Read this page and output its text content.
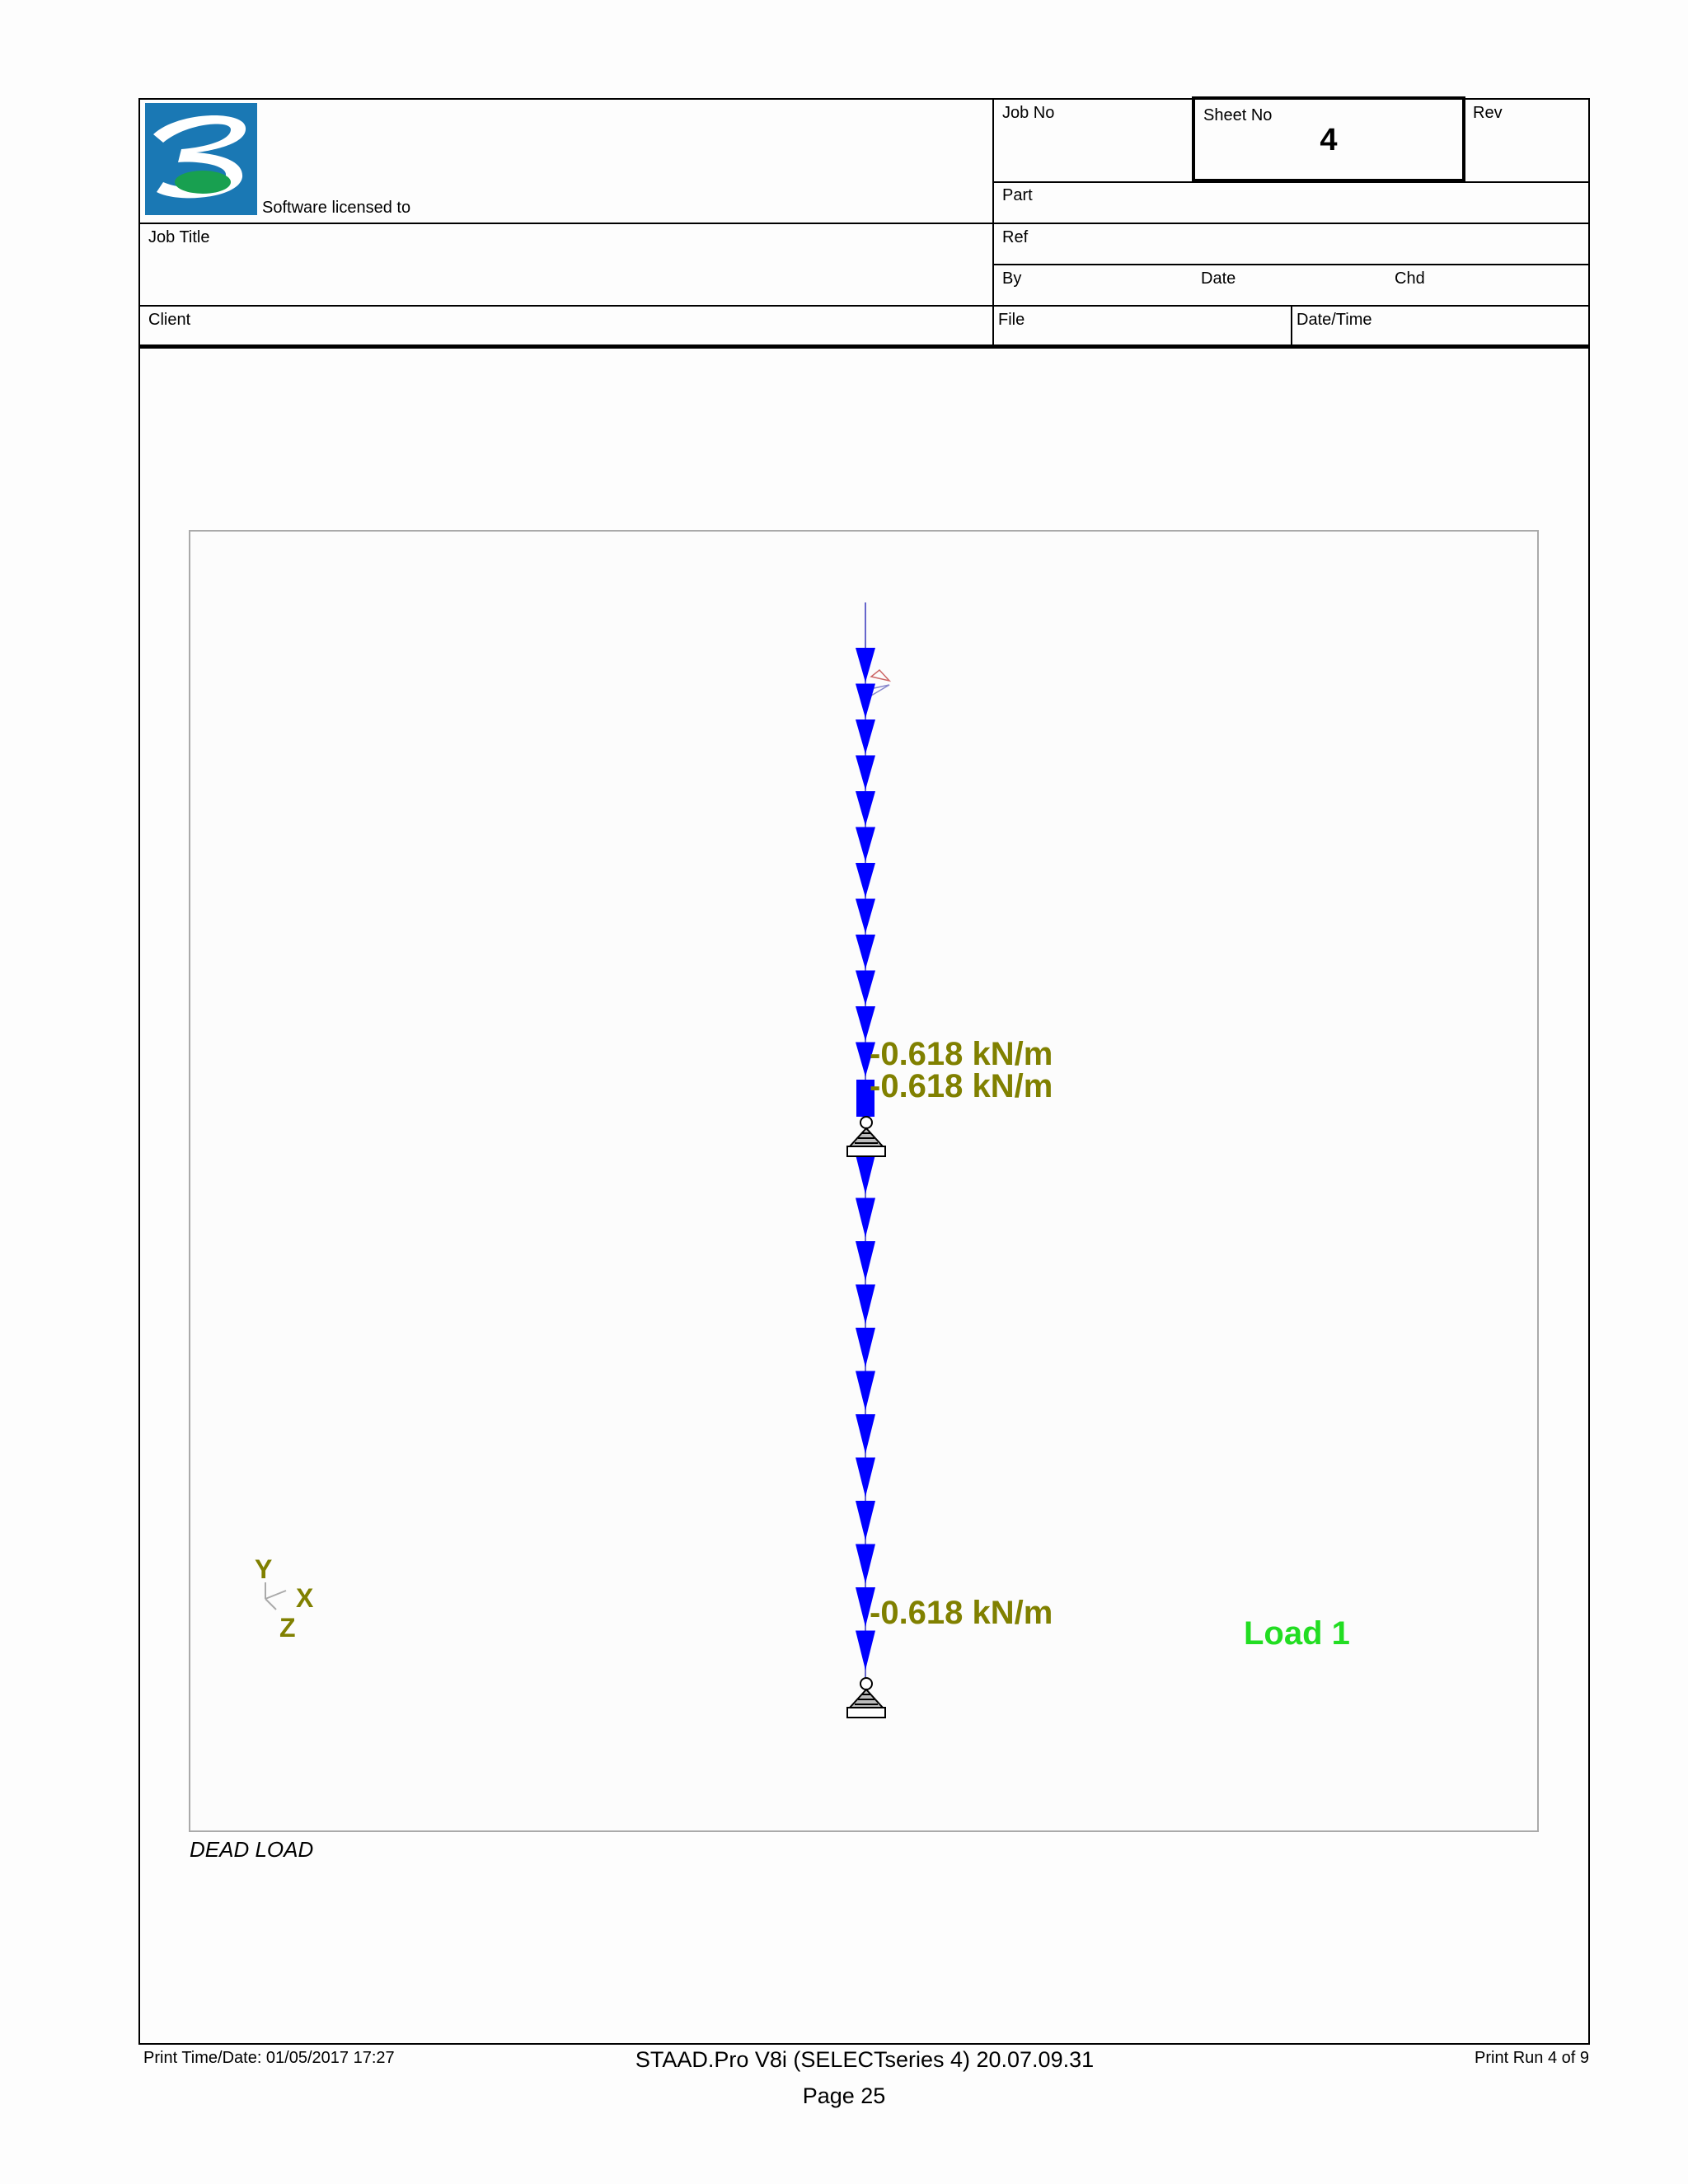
Sheet No
4
Software licensed to
Job No	Rev
Part
Job Title	Ref
By	Date	Chd
Client	File	Date/Time
-0.618 kN/m
-0.618 kN/m
-0.618 kN/m
Load 1
Y
X
Z
DEAD LOAD
Print Time/Date: 01/05/2017 17:27	STAAD.Pro V8i (SELECTseries 4) 20.07.09.31
Page 25
Print Run 4 of 9
